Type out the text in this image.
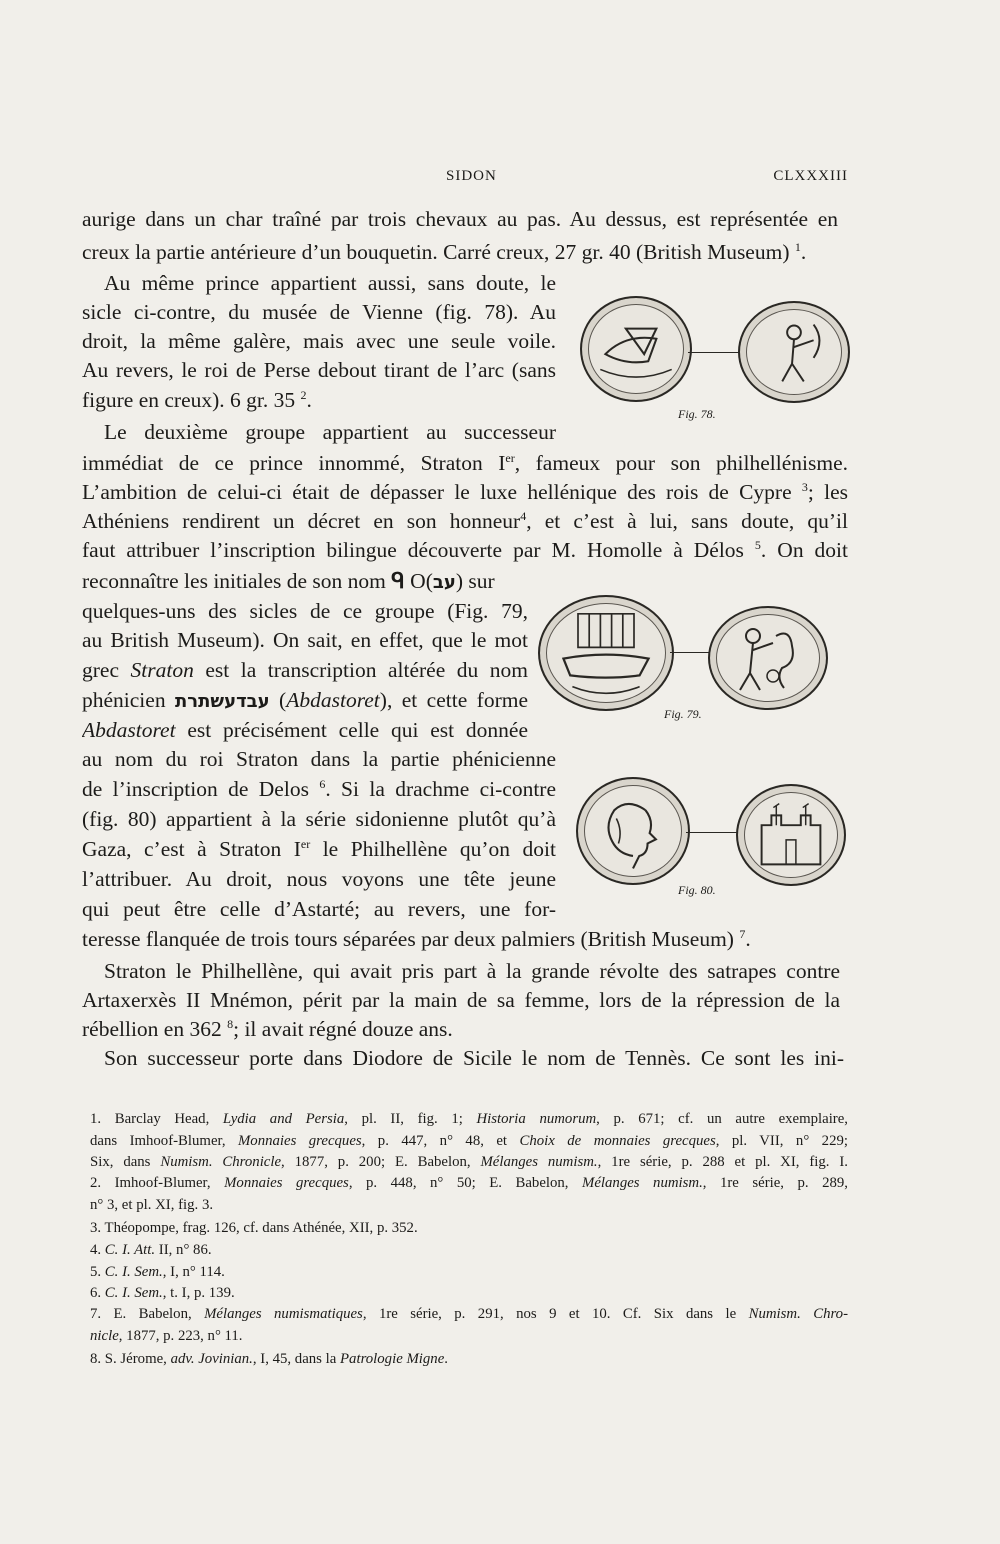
SIDON	CLXXXIII
aurige dans un char traîné par trois chevaux au pas. Au dessus, est représentée en
creux la partie antérieure d’un bouquetin. Carré creux, 27 gr. 40 (British Museum) $^1$.
Au même prince appartient aussi, sans doute, le
sicle ci-contre, du musée de Vienne (fig. 78). Au
droit, la même galère, mais avec une seule voile.
Au revers, le roi de Perse debout tirant de l’arc (sans
figure en creux). 6 gr. 35 $^2$.
Le deuxième groupe appartient au successeur
immédiat de ce prince innommé, Straton Ier, fameux pour son philhellénisme.
L’ambition de celui-ci était de dépasser le luxe hellénique des rois de Cypre $^3$; les
Athéniens rendirent un décret en son honneur$^4$, et c’est à lui, sans doute, qu’il
faut attribuer l’inscription bilingue découverte par M. Homolle à Délos $^5$. On doit
reconnaître les initiales de son nom ᑫ O(עב) sur
quelques-uns des sicles de ce groupe (Fig. 79,
au British Museum). On sait, en effet, que le mot
grec Straton est la transcription altérée du nom
phénicien עבדעשתרת (Abdastoret), et cette forme
Abdastoret est précisément celle qui est donnée
au nom du roi Straton dans la partie phénicienne
de l’inscription de Delos $^6$. Si la drachme ci-contre
(fig. 80) appartient à la série sidonienne plutôt qu’à
Gaza, c’est à Straton Ier le Philhellène qu’on doit
l’attribuer. Au droit, nous voyons une tête jeune
qui peut être celle d’Astarté; au revers, une for-
teresse flanquée de trois tours séparées par deux palmiers (British Museum) $^7$.
Straton le Philhellène, qui avait pris part à la grande révolte des satrapes contre
Artaxerxès II Mnémon, périt par la main de sa femme, lors de la répression de la
rébellion en 362 $^8$; il avait régné douze ans.
Son successeur porte dans Diodore de Sicile le nom de Tennès. Ce sont les ini-
Fig. 78.
Fig. 79.
Fig. 80.
1. Barclay Head, Lydia and Persia, pl. II, fig. 1; Historia numorum, p. 671; cf. un autre exemplaire,
dans Imhoof-Blumer, Monnaies grecques, p. 447, n° 48, et Choix de monnaies grecques, pl. VII, n° 229;
Six, dans Numism. Chronicle, 1877, p. 200; E. Babelon, Mélanges numism., 1re série, p. 288 et pl. XI, fig. I.
2. Imhoof-Blumer, Monnaies grecques, p. 448, n° 50; E. Babelon, Mélanges numism., 1re série, p. 289,
n° 3, et pl. XI, fig. 3.
3. Théopompe, frag. 126, cf. dans Athénée, XII, p. 352.
4. C. I. Att. II, n° 86.
5. C. I. Sem., I, n° 114.
6. C. I. Sem., t. I, p. 139.
7. E. Babelon, Mélanges numismatiques, 1re série, p. 291, nos 9 et 10. Cf. Six dans le Numism. Chro-
nicle, 1877, p. 223, n° 11.
8. S. Jérome, adv. Jovinian., I, 45, dans la Patrologie Migne.
